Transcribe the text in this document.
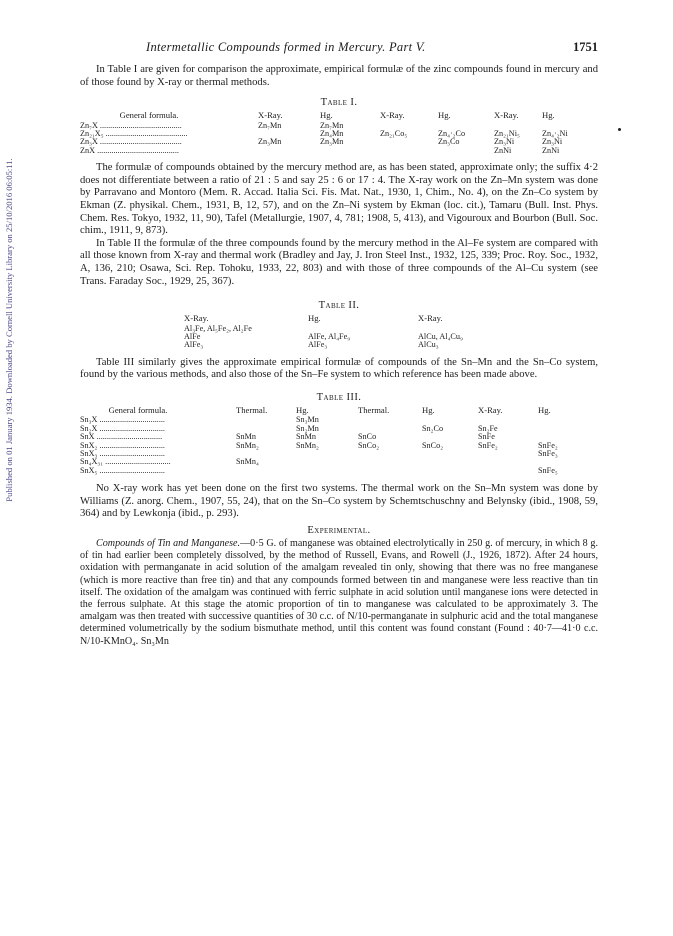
Published on 01 January 1934. Downloaded by Cornell University Library on 25/10/2016 06:05:11.
Intermetallic Compounds formed in Mercury. Part V.	1751

In Table I are given for comparison the approximate, empirical formulæ of the zinc compounds found in mercury and of those found by X-ray or thermal methods.

Table I.
General formula.	X-Ray.	Hg.	X-Ray.	Hg.	X-Ray.	Hg.
Zn₇X ........................................	Zn₇Mn	Zn₇Mn				
Zn₂₁X₅ ........................................		Zn₄Mn	Zn₂₁Co₅	Zn₄·₂Co	Zn₂₁Ni₅	Zn₄·₂Ni
Zn₃X ........................................	Zn₃Mn	Zn₃Mn		Zn₃Co	Zn₃Ni	Zn₃Ni
ZnX ........................................					ZnNi	ZnNi

The formulæ of compounds obtained by the mercury method are, as has been stated, approximate only; the suffix 4·2 does not differentiate between a ratio of 21 : 5 and say 25 : 6 or 17 : 4. The X-ray work on the Zn–Mn system was done by Parravano and Montoro (Mem. R. Accad. Italia Sci. Fis. Mat. Nat., 1930, 1, Chim., No. 4), on the Zn–Co system by Ekman (Z. physikal. Chem., 1931, B, 12, 57), and on the Zn–Ni system by Ekman (loc. cit.), Tamaru (Bull. Inst. Phys. Chem. Res. Tokyo, 1932, 11, 90), Tafel (Metallurgie, 1907, 4, 781; 1908, 5, 413), and Vigouroux and Bourbon (Bull. Soc. chim., 1911, 9, 873).

In Table II the formulæ of the three compounds found by the mercury method in the Al–Fe system are compared with all those known from X-ray and thermal work (Bradley and Jay, J. Iron Steel Inst., 1932, 125, 339; Proc. Roy. Soc., 1932, A, 136, 210; Osawa, Sci. Rep. Tohoku, 1933, 22, 803) and with those of three compounds of the Al–Cu system (see Trans. Faraday Soc., 1929, 25, 367).

Table II.
X-Ray.	Hg.	X-Ray.
Al₃Fe, Al₅Fe₂, Al₂Fe		
AlFe	AlFe, Al₄Fe₉	AlCu, Al₄Cu₉
AlFe₃	AlFe₃	AlCu₃

Table III similarly gives the approximate empirical formulæ of compounds of the Sn–Mn and the Sn–Co system, found by the various methods, and also those of the Sn–Fe system to which reference has been made above.

Table III.
General formula.	Thermal.	Hg.	Thermal.	Hg.	X-Ray.	Hg.
Sn₃X ................................		Sn₃Mn				
Sn₂X ................................		Sn₂Mn		Sn₂Co	Sn₂Fe	
SnX ................................	SnMn	SnMn	SnCo		SnFe	
SnX₂ ................................	SnMn₂	SnMn₂	SnCo₂	SnCo₂	SnFe₂	SnFe₂
SnX₃ ................................						SnFe₃
Sn₄X₃₁ ................................	SnMn₄					
SnX₅ ................................						SnFe₅

No X-ray work has yet been done on the first two systems. The thermal work on the Sn–Mn system was done by Williams (Z. anorg. Chem., 1907, 55, 24), that on the Sn–Co system by Schemtschuschny and Belynsky (ibid., 1908, 59, 364) and by Lewkonja (ibid., p. 293).

Experimental.

Compounds of Tin and Manganese.—0·5 G. of manganese was obtained electrolytically in 250 g. of mercury, in which 8 g. of tin had earlier been completely dissolved, by the method of Russell, Evans, and Rowell (J., 1926, 1872). After 24 hours, oxidation with permanganate in acid solution of the amalgam revealed tin only, showing that there was no free manganese (which is more reactive than free tin) and that any compounds formed between tin and manganese were less reactive than tin itself. The oxidation of the amalgam was continued with ferric sulphate in acid solution until manganese ions were detected in the ferrous sulphate. At this stage the atomic proportion of tin to manganese was calculated to be approximately 3. The amalgam was then treated with successive quantities of 30 c.c. of N/10-permanganate in sulphuric acid and the total manganese determined volumetrically by the sodium bismuthate method, until this content was found constant (Found : 40·7—41·0 c.c. N/10-KMnO₄. Sn₃Mn
